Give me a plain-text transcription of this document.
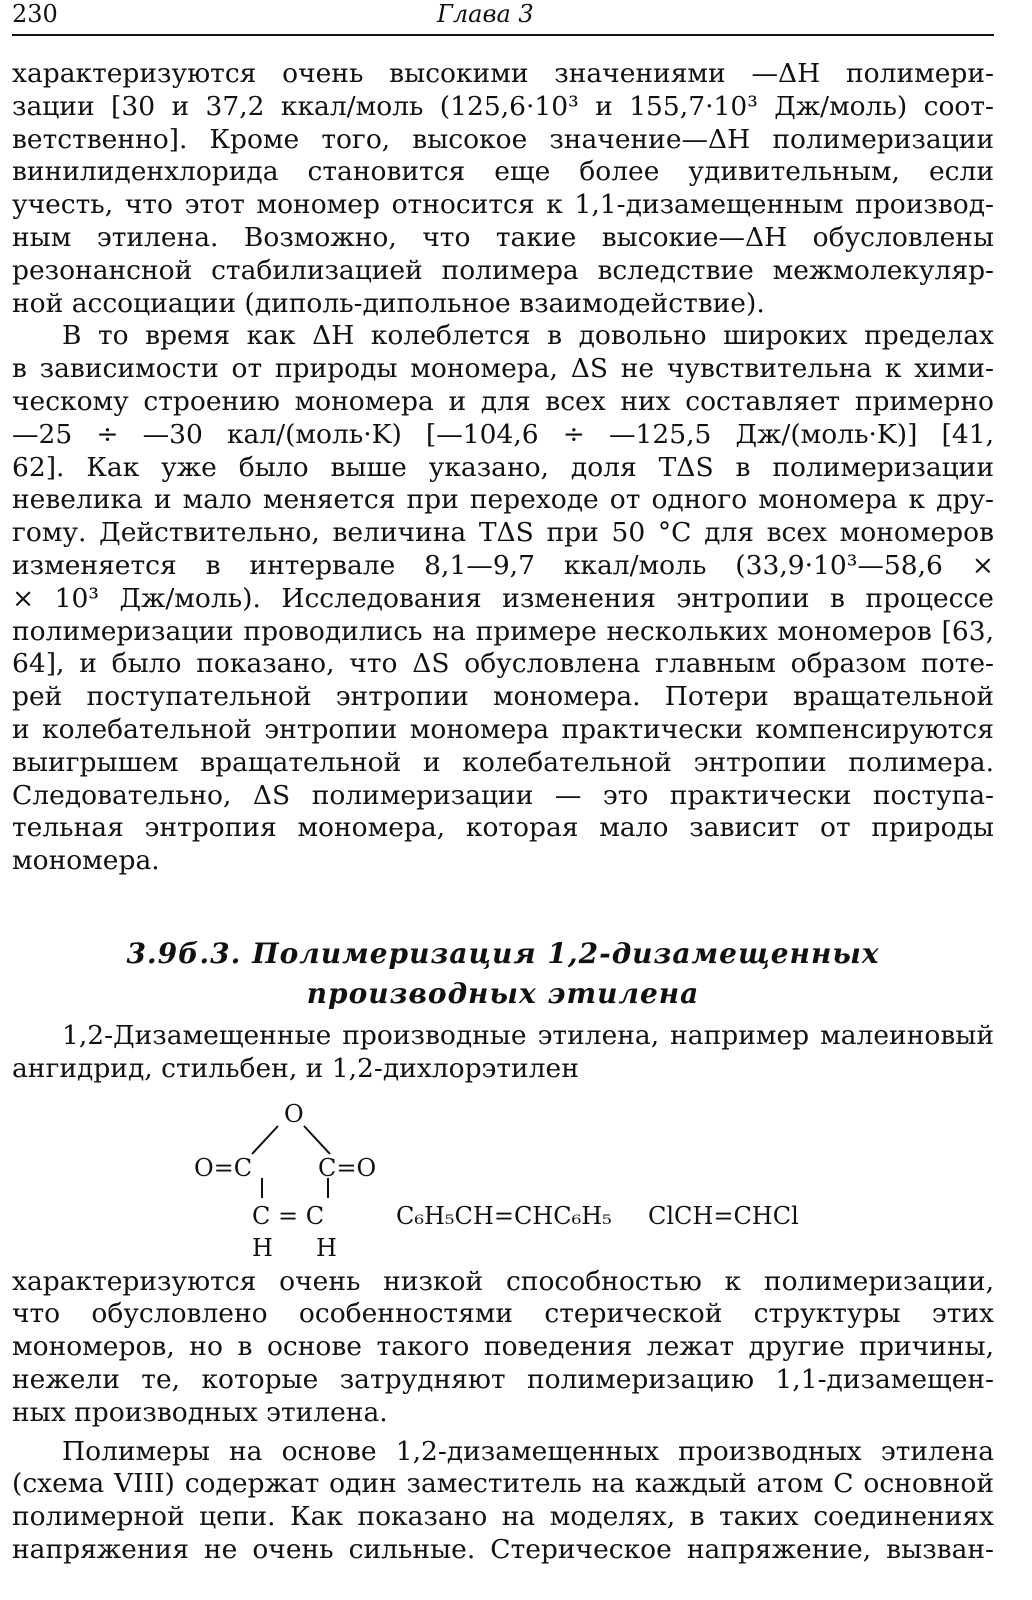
230	Глава 3
характеризуются очень высокими значениями —ΔH полимери-
зации [30 и 37,2 ккал/моль (125,6·10³ и 155,7·10³ Дж/моль) соот-
ветственно]. Кроме того, высокое значение—ΔH полимеризации
винилиденхлорида становится еще более удивительным, если
учесть, что этот мономер относится к 1,1-дизамещенным производ-
ным этилена. Возможно, что такие высокие—ΔH обусловлены
резонансной стабилизацией полимера вследствие межмолекуляр-
ной ассоциации (диполь-дипольное взаимодействие).
В то время как ΔH колеблется в довольно широких пределах
в зависимости от природы мономера, ΔS не чувствительна к хими-
ческому строению мономера и для всех них составляет примерно
—25 ÷ —30 кал/(моль·K) [—104,6 ÷ —125,5 Дж/(моль·K)] [41,
62]. Как уже было выше указано, доля TΔS в полимеризации
невелика и мало меняется при переходе от одного мономера к дру-
гому. Действительно, величина TΔS при 50 °С для всех мономеров
изменяется в интервале 8,1—9,7 ккал/моль (33,9·10³—58,6 ×
× 10³ Дж/моль). Исследования изменения энтропии в процессе
полимеризации проводились на примере нескольких мономеров [63,
64], и было показано, что ΔS обусловлена главным образом поте-
рей поступательной энтропии мономера. Потери вращательной
и колебательной энтропии мономера практически компенсируются
выигрышем вращательной и колебательной энтропии полимера.
Следовательно, ΔS полимеризации — это практически поступа-
тельная энтропия мономера, которая мало зависит от природы
мономера.
3.9б.3. Полимеризация 1,2-дизамещенных
производных этилена
1,2-Дизамещенные производные этилена, например малеиновый
ангидрид, стильбен, и 1,2-дихлорэтилен
O
O=C	C=O
C = C
H H
C₆H₅CH=CHC₆H₅ ClCH=CHCl
характеризуются очень низкой способностью к полимеризации,
что обусловлено особенностями стерической структуры этих
мономеров, но в основе такого поведения лежат другие причины,
нежели те, которые затрудняют полимеризацию 1,1-дизамещен-
ных производных этилена.
Полимеры на основе 1,2-дизамещенных производных этилена
(схема VIII) содержат один заместитель на каждый атом C основной
полимерной цепи. Как показано на моделях, в таких соединениях
напряжения не очень сильные. Стерическое напряжение, вызван-
